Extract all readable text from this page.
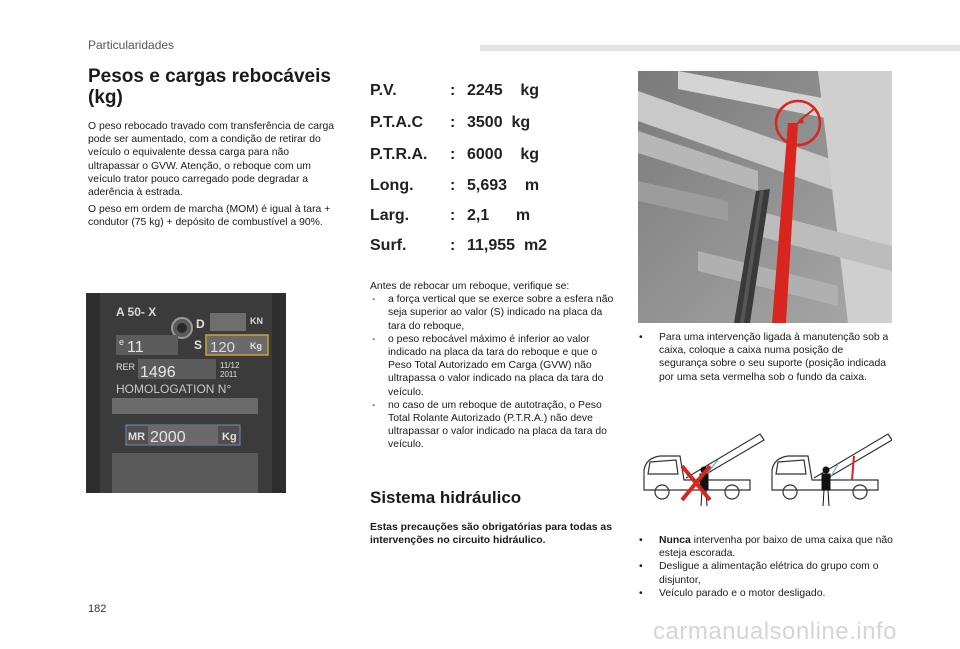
Particularidades
Pesos e cargas rebocáveis (kg)
O peso rebocado travado com transferência de carga pode ser aumentado, com a condição de retirar do veículo o equivalente dessa carga para não ultrapassar o GVW. Atenção, o reboque com um veículo trator pouco carregado pode degradar a aderência à estrada.
O peso em ordem de marcha (MOM) é igual à tara + condutor (75 kg) + depósito de combustível a 90%.
A 50- X
D	KN
e 11	S 120 Kg
RER 1496	11/12
2011
HOMOLOGATION N°
MR 2000	Kg
P.V.	: 2245    kg
P.T.A.C : 3500  kg
P.T.R.A. : 6000    kg
Long. : 5,693    m
Larg.	: 2,1      m
Surf.	: 11,955  m2
Antes de rebocar um reboque, verifique se:
- a força vertical que se exerce sobre a esfera não seja superior ao valor (S) indicado na placa da tara do reboque,
- o peso rebocável máximo é inferior ao valor indicado na placa da tara do reboque e que o Peso Total Autorizado em Carga (GVW) não ultrapassa o valor indicado na placa da tara do veículo.
- no caso de um reboque de autotração, o Peso Total Rolante Autorizado (P.T.R.A.) não deve ultrapassar o valor indicado na placa da tara do veículo.
Sistema hidráulico
Estas precauções são obrigatórias para todas as intervenções no circuito hidráulico.
• Para uma intervenção ligada à manutenção sob a caixa, coloque a caixa numa posição de segurança sobre o seu suporte (posição indicada por uma seta vermelha sob o fundo da caixa.
• Nunca intervenha por baixo de uma caixa que não esteja escorada.
• Desligue a alimentação elétrica do grupo com o disjuntor,
• Veículo parado e o motor desligado.
182
carmanualsonline.info
